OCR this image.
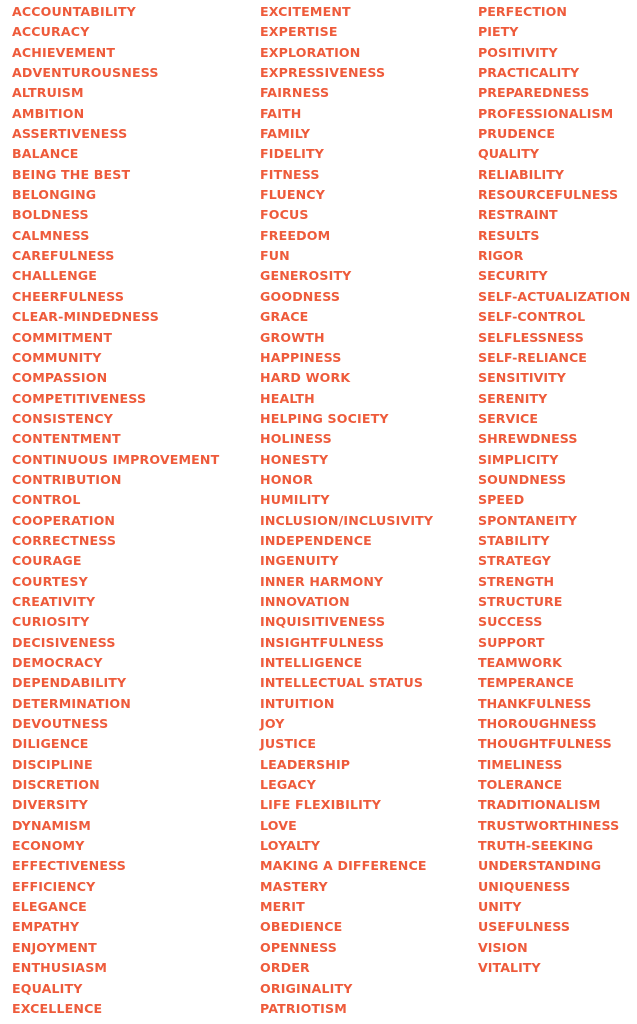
ACCOUNTABILITY
ACCURACY
ACHIEVEMENT
ADVENTUROUSNESS
ALTRUISM
AMBITION
ASSERTIVENESS
BALANCE
BEING THE BEST
BELONGING
BOLDNESS
CALMNESS
CAREFULNESS
CHALLENGE
CHEERFULNESS
CLEAR-MINDEDNESS
COMMITMENT
COMMUNITY
COMPASSION
COMPETITIVENESS
CONSISTENCY
CONTENTMENT
CONTINUOUS IMPROVEMENT
CONTRIBUTION
CONTROL
COOPERATION
CORRECTNESS
COURAGE
COURTESY
CREATIVITY
CURIOSITY
DECISIVENESS
DEMOCRACY
DEPENDABILITY
DETERMINATION
DEVOUTNESS
DILIGENCE
DISCIPLINE
DISCRETION
DIVERSITY
DYNAMISM
ECONOMY
EFFECTIVENESS
EFFICIENCY
ELEGANCE
EMPATHY
ENJOYMENT
ENTHUSIASM
EQUALITY
EXCELLENCE
EXCITEMENT
EXPERTISE
EXPLORATION
EXPRESSIVENESS
FAIRNESS
FAITH
FAMILY
FIDELITY
FITNESS
FLUENCY
FOCUS
FREEDOM
FUN
GENEROSITY
GOODNESS
GRACE
GROWTH
HAPPINESS
HARD WORK
HEALTH
HELPING SOCIETY
HOLINESS
HONESTY
HONOR
HUMILITY
INCLUSION/INCLUSIVITY
INDEPENDENCE
INGENUITY
INNER HARMONY
INNOVATION
INQUISITIVENESS
INSIGHTFULNESS
INTELLIGENCE
INTELLECTUAL STATUS
INTUITION
JOY
JUSTICE
LEADERSHIP
LEGACY
LIFE FLEXIBILITY
LOVE
LOYALTY
MAKING A DIFFERENCE
MASTERY
MERIT
OBEDIENCE
OPENNESS
ORDER
ORIGINALITY
PATRIOTISM
PERFECTION
PIETY
POSITIVITY
PRACTICALITY
PREPAREDNESS
PROFESSIONALISM
PRUDENCE
QUALITY
RELIABILITY
RESOURCEFULNESS
RESTRAINT
RESULTS
RIGOR
SECURITY
SELF-ACTUALIZATION
SELF-CONTROL
SELFLESSNESS
SELF-RELIANCE
SENSITIVITY
SERENITY
SERVICE
SHREWDNESS
SIMPLICITY
SOUNDNESS
SPEED
SPONTANEITY
STABILITY
STRATEGY
STRENGTH
STRUCTURE
SUCCESS
SUPPORT
TEAMWORK
TEMPERANCE
THANKFULNESS
THOROUGHNESS
THOUGHTFULNESS
TIMELINESS
TOLERANCE
TRADITIONALISM
TRUSTWORTHINESS
TRUTH-SEEKING
UNDERSTANDING
UNIQUENESS
UNITY
USEFULNESS
VISION
VITALITY
